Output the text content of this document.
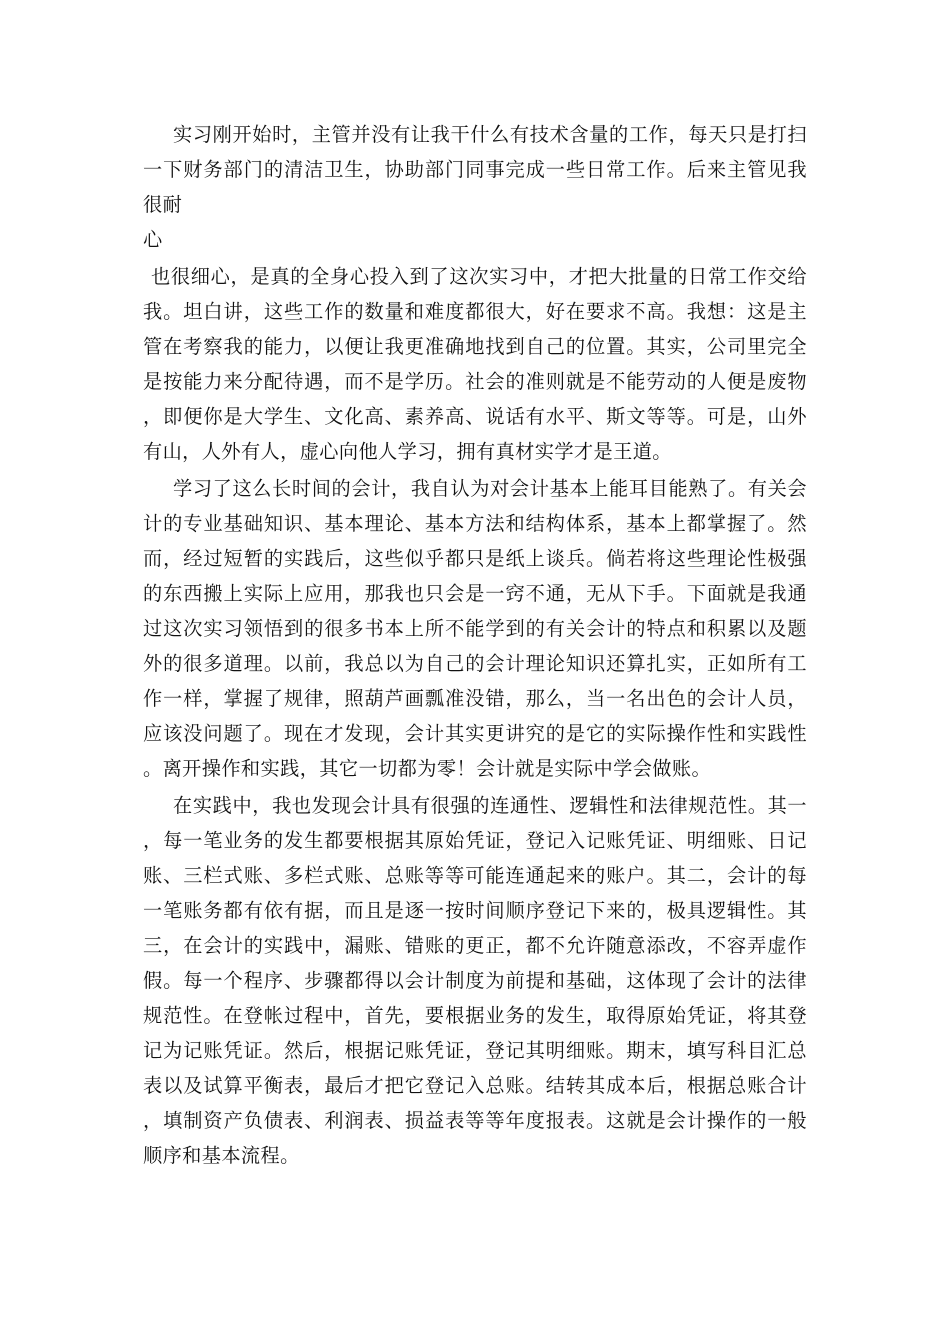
实习刚开始时，主管并没有让我干什么有技术含量的工作，每天只是打扫一下财务部门的清洁卫生，协助部门同事完成一些日常工作。后来主管见我很耐
心

也很细心，是真的全身心投入到了这次实习中，才把大批量的日常工作交给我。坦白讲，这些工作的数量和难度都很大，好在要求不高。我想：这是主管在考察我的能力，以便让我更准确地找到自己的位置。其实，公司里完全是按能力来分配待遇，而不是学历。社会的准则就是不能劳动的人便是废物，即便你是大学生、文化高、素养高、说话有水平、斯文等等。可是，山外有山，人外有人，虚心向他人学习，拥有真材实学才是王道。

学习了这么长时间的会计，我自认为对会计基本上能耳目能熟了。有关会计的专业基础知识、基本理论、基本方法和结构体系，基本上都掌握了。然而，经过短暂的实践后，这些似乎都只是纸上谈兵。倘若将这些理论性极强的东西搬上实际上应用，那我也只会是一窍不通，无从下手。下面就是我通过这次实习领悟到的很多书本上所不能学到的有关会计的特点和积累以及题外的很多道理。以前，我总以为自己的会计理论知识还算扎实，正如所有工作一样，掌握了规律，照葫芦画瓢准没错，那么，当一名出色的会计人员，应该没问题了。现在才发现，会计其实更讲究的是它的实际操作性和实践性。离开操作和实践，其它一切都为零！会计就是实际中学会做账。

在实践中，我也发现会计具有很强的连通性、逻辑性和法律规范性。其一，每一笔业务的发生都要根据其原始凭证，登记入记账凭证、明细账、日记账、三栏式账、多栏式账、总账等等可能连通起来的账户。其二，会计的每一笔账务都有依有据，而且是逐一按时间顺序登记下来的，极具逻辑性。其三，在会计的实践中，漏账、错账的更正，都不允许随意添改，不容弄虚作假。每一个程序、步骤都得以会计制度为前提和基础，这体现了会计的法律规范性。在登帐过程中，首先，要根据业务的发生，取得原始凭证，将其登记为记账凭证。然后，根据记账凭证，登记其明细账。期末，填写科目汇总表以及试算平衡表，最后才把它登记入总账。结转其成本后，根据总账合计，填制资产负债表、利润表、损益表等等年度报表。这就是会计操作的一般顺序和基本流程。
